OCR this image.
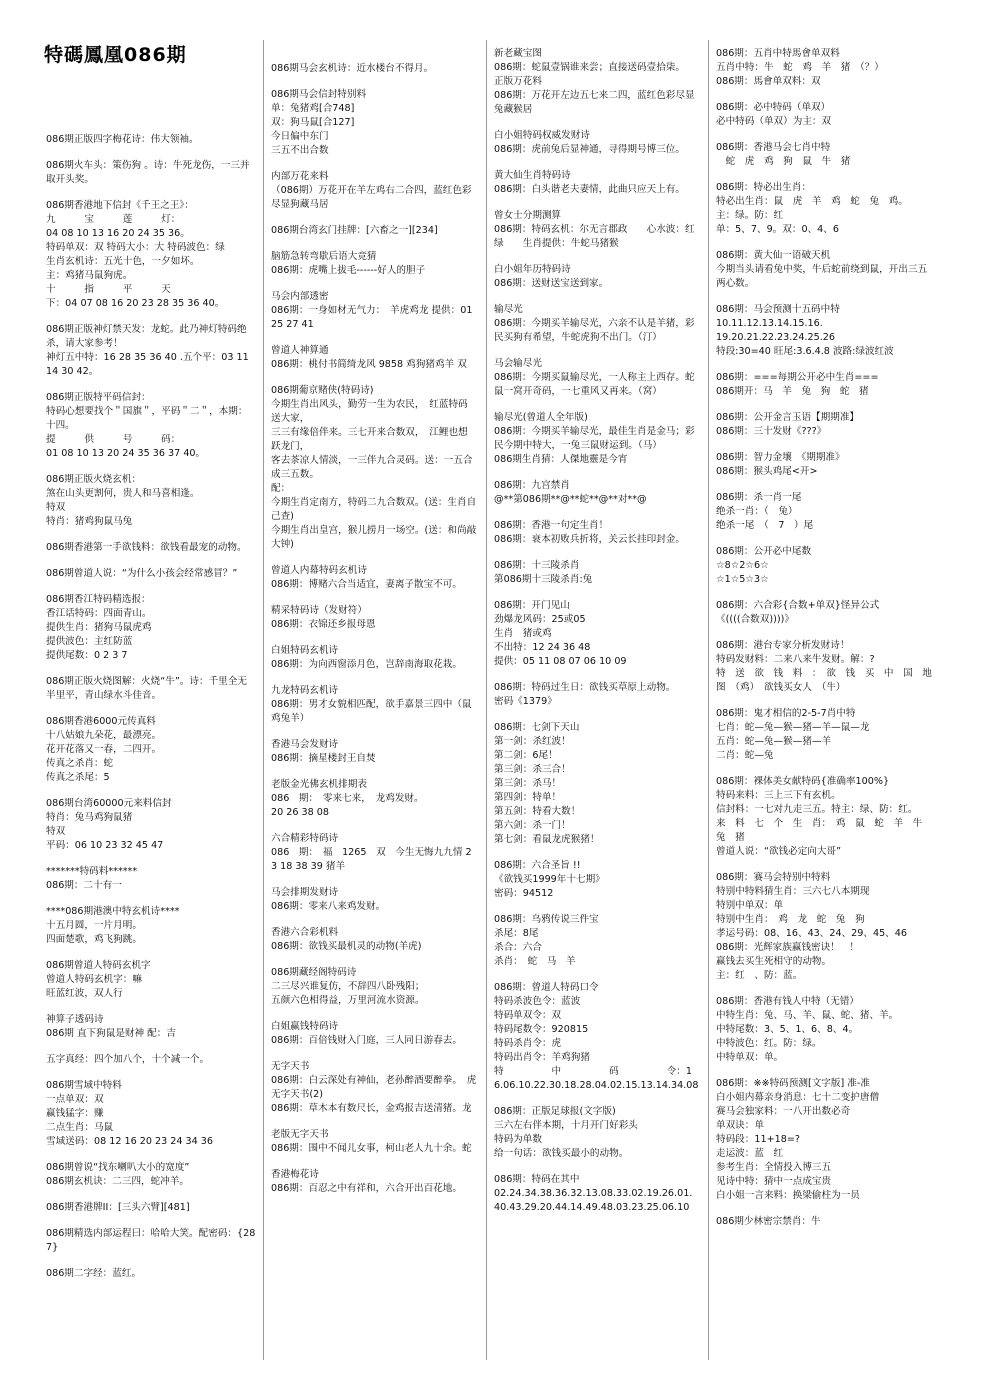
特碼鳳凰086期

086期正版四字梅花诗：伟大领袖。

086期火车头：策伤狗 。诗：牛死龙伤，一三并取开头奖。

086期香港地下信封《千王之王》：
九　　　宝　　　莲　　　灯：
04 08 10 13 16 20 24 35 36。
特码单双：双 特码大小：大 特码波色：绿
生肖玄机诗：五光十色，一夕如坏。
主：鸡猪马鼠狗虎。
十　　　指　　　平　　　天
下：04 07 08 16 20 23 28 35 36 40。

086期正版神灯禁天发：龙蛇。此乃神灯特码绝杀，请大家参考！
神灯五中特：16 28 35 36 40 .五个平：03 11 14 30 42。

086期正版特平码信封：
特码心想要找个＂国旗＂，平码＂二＂，本期：十四。
提　　　供　　　号　　　码：
01 08 10 13 20 24 35 36 37 40。

086期正版火烧玄机：
煞在山头更割何，贵人和马喜相逢。
特双
特肖：猪鸡狗鼠马兔

086期香港第一手欲钱料：欲钱看最宠的动物。

086期曾道人说：“为什么小孩会经常感冒？”

086期香江特码精选报：
香江话特码：四面青山。
提供生肖：猪狗马鼠虎鸡
提供波色：主红防蓝
提供尾数：0 2 3 7

086期正版火烧图解：火烧“牛”。诗：千里全无半里平，青山绿水斗佳音。

086期香港6000元传真料
十八姑娘九朵花，最漂亮。
花开花落又一春，二四开。
传真之杀肖：蛇
传真之杀尾：5

086期台湾60000元来料信封
特肖：兔马鸡狗鼠猪
特双
平码：06 10 23 32 45 47

*******特码料******
086期：二十有一

****086期港澳中特玄机诗****
十五月圆，一片月明。
四面楚歌，鸡飞狗跳。

086期曾道人特码玄机字
曾道人特码玄机字：嘛
旺蓝红波，双人行

神算子透码诗
086期 直下狗鼠是财神 配：吉

五字真经：四个加八个，十个减一个。

086期雪域中特料
一点单双：双
赢钱猛字：赚
二点生肖：马鼠
雪域送码：08 12 16 20 23 24 34 36

086期曾说“找东喇叭大小的宽度”
086期玄机诀：二三四，蛇冲羊。

086期香港牌II：[三头六臂][481]

086期精选内部运程曰：哈哈大笑。配密码：{287}

086期二字经：蓝红。

086期马会玄机诗：近水楼台不得月。

086期马会信封特别料
单：兔猪鸡[合748]
双：狗马鼠[合127]
今日偏中东门
三五不出合数

内部万花来料
（086期）万花开在羊左鸡右二合四，蓝红色彩尽显狗藏马居

086期台湾玄门挂牌：[六畜之一][234]

脑筋急转弯歇后语大竞猜
086期：虎嘴上拔毛------好人的胆子

马会内部透密
086期：一身如材无气力：　羊虎鸡龙 提供：01 25 27 41

曾道人神算通
086期：桃付书简绮龙风 9858 鸡狗猪鸡羊 双

086期葡京赌侠(特码诗)
今期生肖出风头，勤劳一生为农民，　红蓝特码送大家，
三三有缘倍伴来。三七开来合数双，　江鲤也想跃龙门，
客去茶凉人情淡，一三伴九合灵码。送：一五合成三五数。
配：
今期生肖定南方，特码二九合数双。(送：生肖自己查)
今期生肖出皇宫，猴儿捞月一场空。(送：和尚敲大钟)

曾道人内幕特码玄机诗
086期：博赌六合当适宜，妻离子散宝不可。

精采特码诗（发财符）
086期：衣锦还乡报母恩

白姐特码玄机诗
086期：为向西窗添月色，岂辞南海取花栽。

九龙特码玄机诗
086期：男才女貌相匹配，欲手嘉景三四中（鼠鸡兔羊）

香港马会发财诗
086期：摘星楼封王自焚

老版金光佛玄机排期表
086　期：　零来七来，　龙鸡发财。
20 26 38 08

六合精彩特码诗
086　期：　福　1265　双　今生无悔九九情 23 18 38 39 猪羊

马会排期发财诗
086期：零来八来鸡发财。

香港六合彩机料
086期：欲钱买最机灵的动物(羊虎)

086期藏经阁特码诗
二三尽兴谁复仿，不辞四八卧残阳；
五颜六色相得益，万里河流水资源。

白姐赢钱特码诗
086期：百倍钱财入门庭，三人同日游春去。

无字天书
086期：白云深处有神仙，老孙醉酒要醉拳。　虎
无字天书(2)
086期：草木本有数尺长，金鸡报吉送清猪。龙

老版无字天书
086期：围中不闻儿女事，柯山老人九十余。蛇

香港梅花诗
086期：百忍之中有祥和，六合开出百花地。

新老藏宝图
086期：蛇鼠壹锅谁来尝；直接送码壹拾柒。
正版万花料
086期：万花开左边五七来二四，蓝红色彩尽显兔藏猴居

白小姐特码权威发财诗
086期：虎前兔后显神通，寻得期号博三位。

黄大仙生肖特码诗
086期：白头谐老夫妻情，此曲只应天上有。

曾女士分期测算
086期：特码玄机：尔无言郡政　　心水波：红绿　　生肖提供：牛蛇马猪猴

白小姐年历特码诗
086期：送财送宝送到家。

输尽光
086期：今期买羊输尽光，六亲不认是羊猪，彩民买狗有希望，牛蛇虎狗不出门。（汀）

马会输尽光
086期：今期买鼠输尽光，一人称主上西存。蛇鼠一窝开奇码，一七重风又再来。（窝）

输尽光(曾道人全年版)
086期：今期买羊输尽光，最佳生肖是金马；彩民今期中特大，一兔三鼠财运到。（马）
086期生肖猜：人傑地靈是今宵

086期：九宫禁肖
@**第086期**@**蛇**@**对**@

086期：香港一句定生肖！
086期：衰本初败兵折将，关云长挂印封金。

086期：十三陵杀肖
第086期十三陵杀肖:兔

086期：开门见山
劲爆龙风码：25或05
生肖　猪或鸡
不出特：12 24 36 48
提供：05 11 08 07 06 10 09

086期：特码过生日：欲钱买草原上动物。
密码《1379》

086期：七剑下天山
第一剑：杀红波！
第二剑：6尾！
第三剑：杀三合！
第三剑：杀马！
第四剑：特单！
第五剑：特看大数！
第六剑：杀一门！
第七剑：看鼠龙虎猴猪！

086期：六合圣旨 !!
《欲钱买1999年十七期》
密码：94512

086期：乌鸦传说三件宝
杀尾：8尾
杀合：六合
杀肖：　蛇　马　羊

086期：曾道人特码口令
特码杀波色令：蓝波
特码单双令：双
特码尾数令：920815
特码杀肖令：虎
特码出肖令：羊鸡狗猪
特　　　　　中　　　　　码　　　　　令：16.06.10.22.30.18.28.04.02.15.13.14.34.08

086期：正版足球报(文字版)
三六左右伴本期，十月开门好彩头
特码为单数
给一句话：欲钱买最小的动物。

086期：特码在其中
02.24.34.38.36.32.13.08.33.02.19.26.01.
40.43.29.20.44.14.49.48.03.23.25.06.10

086期：五肖中特馬會单双料
五肖中特：牛　蛇　鸡　羊　猪　（？）
086期：馬會单双料：双

086期：必中特码（单双）
必中特码（单双）为主：双

086期：香港马会七肖中特
　蛇　虎　鸡　狗　鼠　牛　猪

086期：特必出生肖：
特必出生肖：鼠　虎　羊　鸡　蛇　兔　鸡。
主：绿。防：红
单：5、7、9。双：0、4、6

086期：黄大仙一语破天机
今期当头请看兔中奖，牛后蛇前绕到鼠，开出三五两心数。

086期：马会预测十五码中特
10.11.12.13.14.15.16.
19.20.21.22.23.24.25.26
特段:30=40 旺尾:3.6.4.8 波路:绿波红波

086期：===每期公开必中生肖===
086期开：马　羊　兔　狗　蛇　猪

086期：公开金言玉语【期期准】
086期：三十发财《???》

086期：智力金壤　《期期准》
086期：猴头鸡尾<开>

086期：杀一肖一尾
绝杀一肖：（　兔）
绝杀一尾　（　7　）尾

086期：公开必中尾数
☆8☆2☆6☆
☆1☆5☆3☆

086期：六合彩{合数+单双}怪异公式
《((((合数双))))》

086期：港台专家分析发财诗！
特码发财料：二来八来牛发财。解：?
特　送　欲　钱　料　：　欲　钱　买　中　国　地图　（鸡）　欲钱买女人　（牛）

086期：鬼才相信的2-5-7肖中特
七肖：蛇—兔—猴—猪—羊—鼠—龙
五肖：蛇—兔—猴—猪—羊
二肖：蛇—兔

086期：裸体美女献特码{准确率100%}
特码来料：三上三下有玄机。
信封料：一七对九走三五。特主：绿、防：红。
来　料　七　个　生　肖：　鸡　鼠　蛇　羊　牛　兔　猪
曾道人说：“欲钱必定向大哥”

086期：赛马会特别中特料
特别中特料猜生肖：三六七八本期现
特别中单双：单
特别中生肖：　鸡　龙　蛇　兔　狗
孝运号码：08、16、43、24、29、45、46
086期：光辉家族赢钱密诀！　！
赢钱去买生死相守的动物。
主：红　、防：蓝。

086期：香港有钱人中特（无错）
中特生肖：兔、马、羊、鼠、蛇、猪、羊。
中特尾数：3、5、1、6、8、4。
中特波色：红。防：绿。
中特单双：单。

086期：※※特码预测[文字版] 准-准
白小姐内幕亲身消息：七十二变护唐僧
赛马会独家料：一八开出数必奇
单双诀：单
特码段：11+18=?
走运波：蓝　红
参考生肖：全情投入博三五
见诗中特：猜中一点成宝贵
白小姐一言来料：换梁偷柱为一员

086期少林密宗禁肖：牛
